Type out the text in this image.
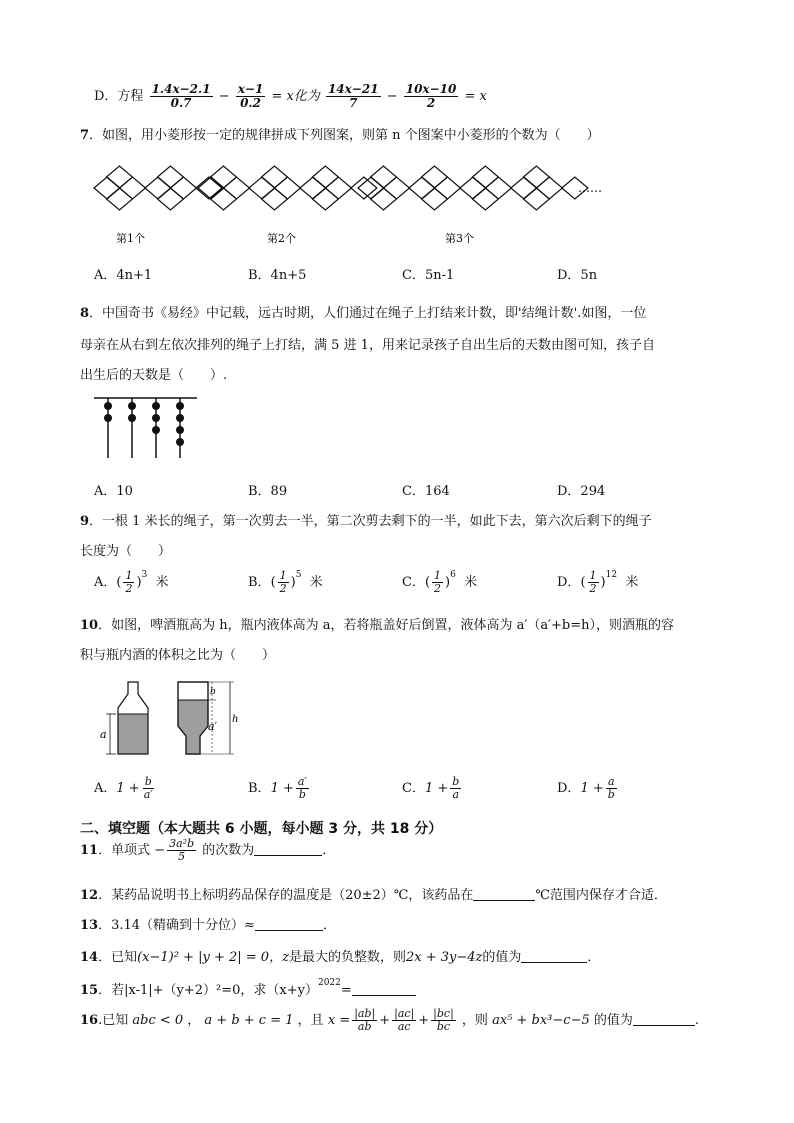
D．方程 $\frac{1.4x-2.1}{0.7} - \frac{x-1}{0.2} = x$化为 $\frac{14x-21}{7} - \frac{10x-10}{2} = x$
7．如图，用小菱形按一定的规律拼成下列图案，则第 n 个图案中小菱形的个数为（　　）
第1个	第2个	第3个
……
A．4n+1	B．4n+5	C．5n-1	D．5n
8．中国奇书《易经》中记载，远古时期，人们通过在绳子上打结来计数，即'结绳计数'.如图，一位
母亲在从右到左依次排列的绳子上打结，满 5 进 1，用来记录孩子自出生后的天数由图可知，孩子自
出生后的天数是（　　）.
A．10	B．89	C．164	D．294
9．一根 1 米长的绳子，第一次剪去一半，第二次剪去剩下的一半，如此下去，第六次后剩下的绳子
长度为（　　）
A．( $\frac{1}{2} )^3$ 米	B．( $\frac{1}{2} )^5$ 米	C．( $\frac{1}{2} )^6$ 米	D．( $\frac{1}{2} )^{12}$ 米
10．如图，啤酒瓶高为 h，瓶内液体高为 a，若将瓶盖好后倒置，液体高为 a′（a′+b=h），则酒瓶的容
积与瓶内酒的体积之比为（　　）
a
b
a′
h
A．$1 + \frac{b}{a'}$	B．$1 + \frac{a'}{b}$	C．$1 + \frac{b}{a}$	D．$1 + \frac{a}{b}$
二、填空题（本大题共 6 小题，每小题 3 分，共 18 分）
11．单项式 − $\frac{\text{3a²b}}{5}$ 的次数为	．
12．某药品说明书上标明药品保存的温度是（20±2）℃，该药品在	℃范围内保存才合适．
13．3.14（精确到十分位）≈	．
14．已知(x−1)² + |y + 2| = 0，z是最大的负整数，则2x + 3y−4z的值为	．
15．若|x-1|+（y+2）²=0，求$(x+y)^{2022}=$
16.已知 abc < 0 ， a + b + c = 1 ，且 $x = \frac{|ab|}{ab} + \frac{|ac|}{ac} + \frac{|bc|}{bc}$ ，则 ax⁵ + bx³−c−5 的值为	.
